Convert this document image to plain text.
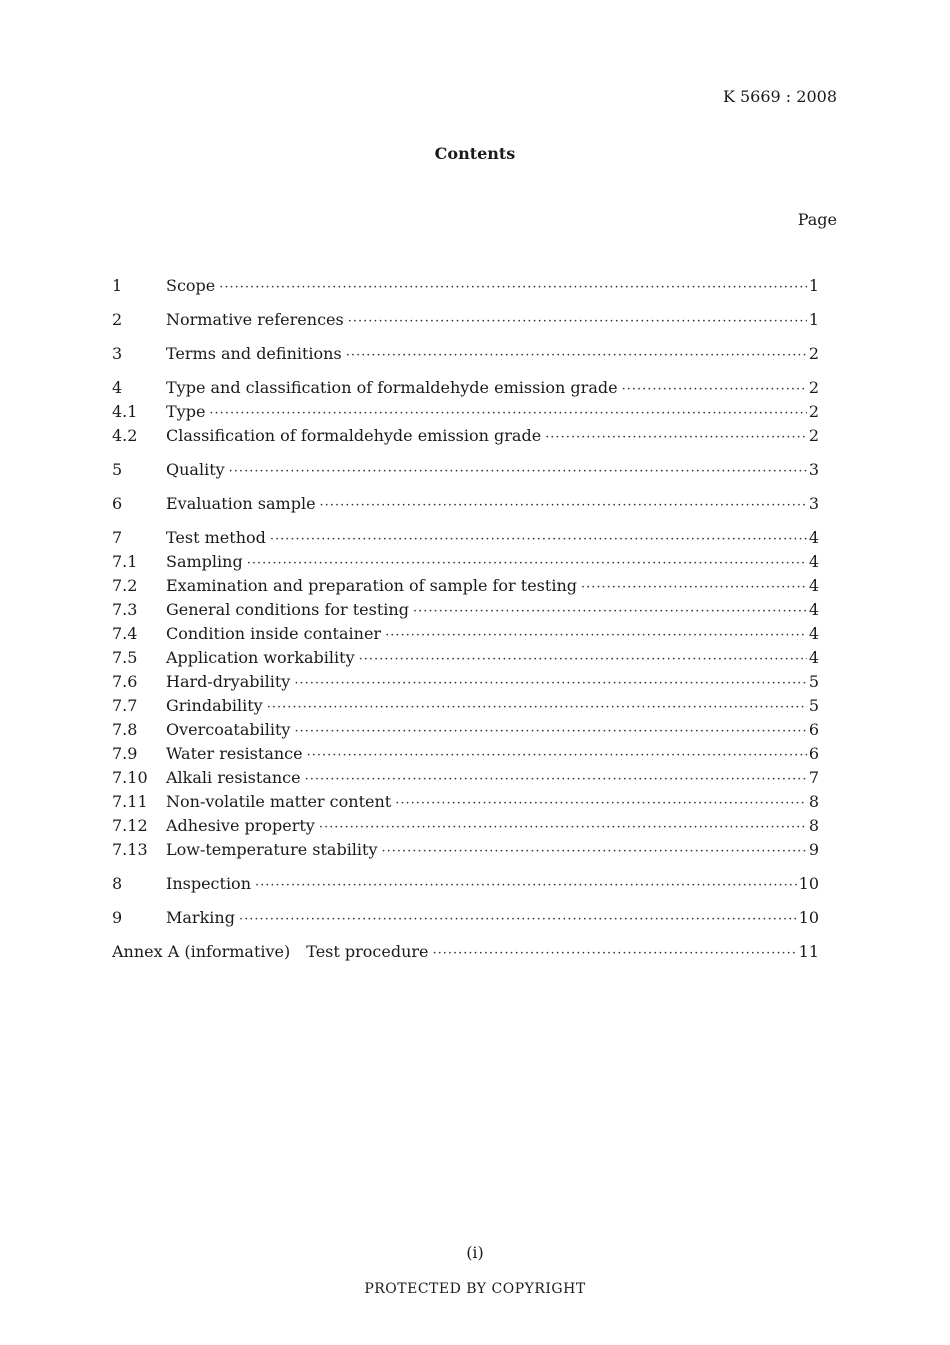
K 5669 : 2008
Contents
Page
1	Scope ·····	1
2	Normative references ·····	1
3	Terms and definitions ·····	2
4	Type and classification of formaldehyde emission grade ·····	2
4.1 Type ·····	2
4.2 Classification of formaldehyde emission grade ·····	2
5	Quality ·····	3
6	Evaluation sample ·····	3
7	Test method ·····	4
7.1 Sampling ·····	4
7.2 Examination and preparation of sample for testing ·····	4
7.3 General conditions for testing ·····	4
7.4 Condition inside container ·····	4
7.5 Application workability ·····	4
7.6 Hard-dryability ·····	5
7.7 Grindability ·····	5
7.8 Overcoatability ·····	6
7.9 Water resistance ·····	6
7.10 Alkali resistance ·····	7
7.11 Non-volatile matter content ·····	8
7.12 Adhesive property ·····	8
7.13 Low-temperature stability ·····	9
8	Inspection ·····	10
9	Marking ·····	10
Annex A (informative) Test procedure ·····	11
(i)
PROTECTED BY COPYRIGHT
